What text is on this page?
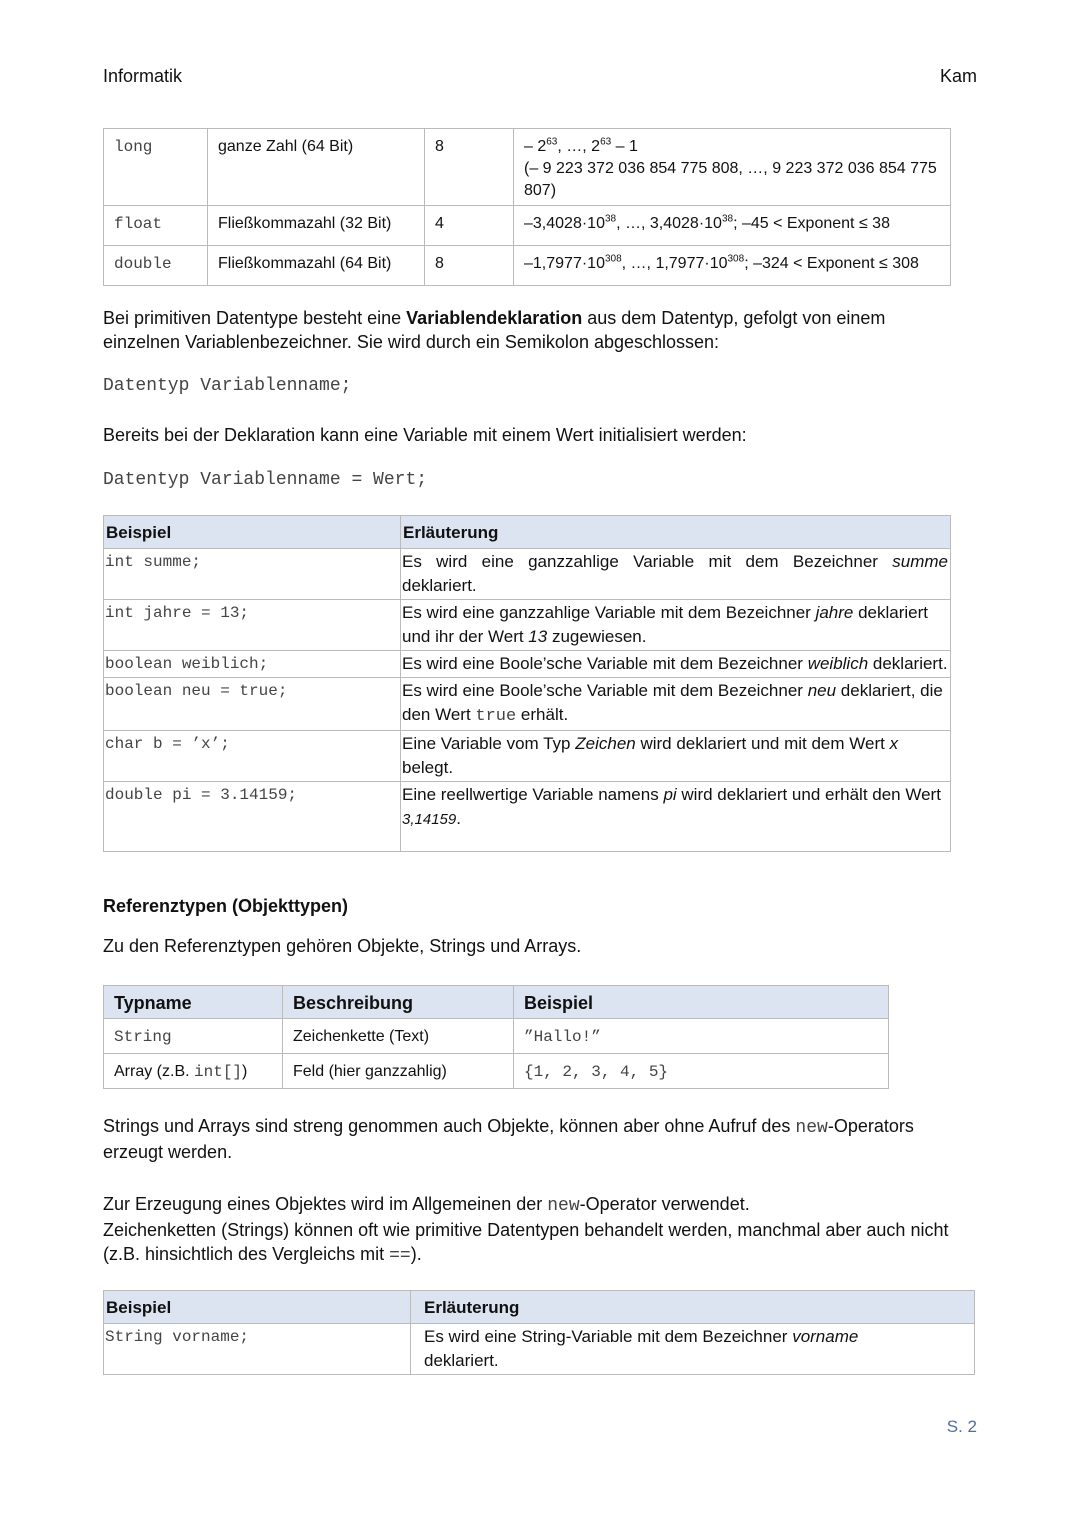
Informatik	Kam
long	ganze Zahl (64 Bit)	8	– $2^{63}$, …, $2^{63} - 1$
(– 9 223 372 036 854 775 808, …, 9 223 372 036 854 775 807)
float	Fließkommazahl (32 Bit)	4	$-3,4028\cdot 10^{38}$, …, $3,4028\cdot 10^{38}$; –45 < Exponent ≤ 38
double	Fließkommazahl (64 Bit)	8	$-1,7977\cdot 10^{308}$, …, $1,7977\cdot 10^{308}$; –324 < Exponent ≤ 308
Bei primitiven Datentype besteht eine Variablendeklaration aus dem Datentyp, gefolgt von einem einzelnen Variablenbezeichner. Sie wird durch ein Semikolon abgeschlossen:
Datentyp Variablenname;
Bereits bei der Deklaration kann eine Variable mit einem Wert initialisiert werden:
Datentyp Variablenname = Wert;
Beispiel	Erläuterung
int summe;	Es wird eine ganzzahlige Variable mit dem Bezeichner summe deklariert.
int jahre = 13;	Es wird eine ganzzahlige Variable mit dem Bezeichner jahre deklariert und ihr der Wert 13 zugewiesen.
boolean weiblich;	Es wird eine Boole’sche Variable mit dem Bezeichner weiblich deklariert.
boolean neu = true;	Es wird eine Boole’sche Variable mit dem Bezeichner neu deklariert, die den Wert true erhält.
char b = ’x’;	Eine Variable vom Typ Zeichen wird deklariert und mit dem Wert x belegt.
double pi = 3.14159;	Eine reellwertige Variable namens pi wird deklariert und erhält den Wert 3,14159.
Referenztypen (Objekttypen)
Zu den Referenztypen gehören Objekte, Strings und Arrays.
Typname	Beschreibung	Beispiel
String	Zeichenkette (Text)	”Hallo!”
Array (z.B. int[])	Feld (hier ganzzahlig)	{1, 2, 3, 4, 5}
Strings und Arrays sind streng genommen auch Objekte, können aber ohne Aufruf des new-Operators erzeugt werden.
Zur Erzeugung eines Objektes wird im Allgemeinen der new-Operator verwendet.
Zeichenketten (Strings) können oft wie primitive Datentypen behandelt werden, manchmal aber auch nicht (z.B. hinsichtlich des Vergleichs mit ==).
Beispiel	Erläuterung
String vorname;	Es wird eine String-Variable mit dem Bezeichner vorname
deklariert.
S. 2
